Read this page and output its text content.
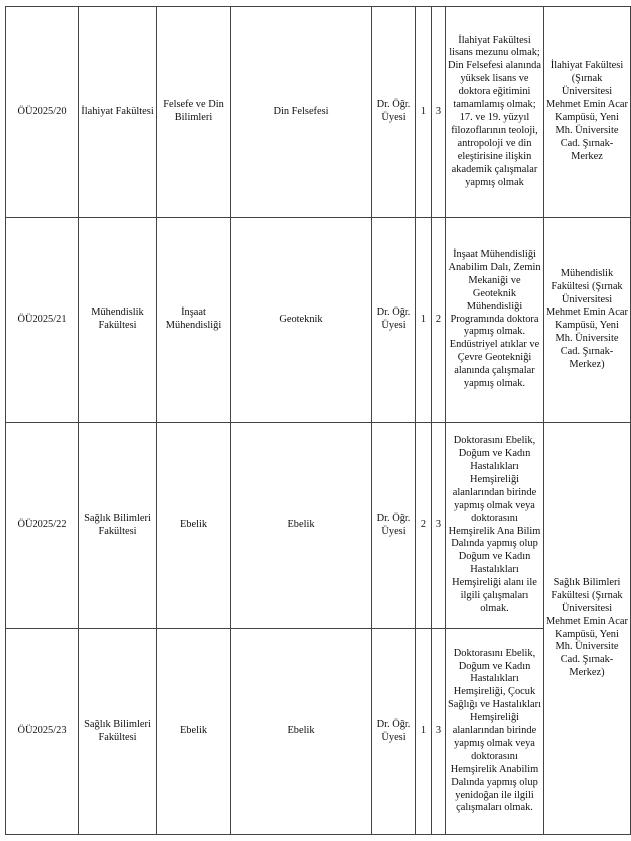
ÖÜ2025/20	İlahiyat Fakültesi	Felsefe ve Din Bilimleri	Din Felsefesi	Dr. Öğr. Üyesi	1	3	İlahiyat Fakültesi lisans mezunu olmak; Din Felsefesi alanında yüksek lisans ve doktora eğitimini tamamlamış olmak; 17. ve 19. yüzyıl filozoflarının teoloji, antropoloji ve din eleştirisine ilişkin akademik çalışmalar yapmış olmak	İlahiyat Fakültesi (Şırnak Üniversitesi Mehmet Emin Acar Kampüsü, Yeni Mh. Üniversite Cad. Şırnak- Merkez
ÖÜ2025/21	Mühendislik Fakültesi	İnşaat Mühendisliği	Geoteknik	Dr. Öğr. Üyesi	1	2	İnşaat Mühendisliği Anabilim Dalı, Zemin Mekaniği ve Geoteknik Mühendisliği Programında doktora yapmış olmak. Endüstriyel atıklar ve Çevre Geotekniği alanında çalışmalar yapmış olmak.	Mühendislik Fakültesi (Şırnak Üniversitesi Mehmet Emin Acar Kampüsü, Yeni Mh. Üniversite Cad. Şırnak- Merkez)
ÖÜ2025/22	Sağlık Bilimleri Fakültesi	Ebelik	Ebelik	Dr. Öğr. Üyesi	2	3	Doktorasını Ebelik, Doğum ve Kadın Hastalıkları Hemşireliği alanlarından birinde yapmış olmak veya doktorasını Hemşirelik Ana Bilim Dalında yapmış olup Doğum ve Kadın Hastalıkları Hemşireliği alanı ile ilgili çalışmaları olmak.	Sağlık Bilimleri Fakültesi (Şırnak Üniversitesi Mehmet Emin Acar Kampüsü, Yeni Mh. Üniversite Cad. Şırnak- Merkez)
ÖÜ2025/23	Sağlık Bilimleri Fakültesi	Ebelik	Ebelik	Dr. Öğr. Üyesi	1	3	Doktorasını Ebelik, Doğum ve Kadın Hastalıkları Hemşireliği, Çocuk Sağlığı ve Hastalıkları Hemşireliği alanlarından birinde yapmış olmak veya doktorasını Hemşirelik Anabilim Dalında yapmış olup yenidoğan ile ilgili çalışmaları olmak.	
